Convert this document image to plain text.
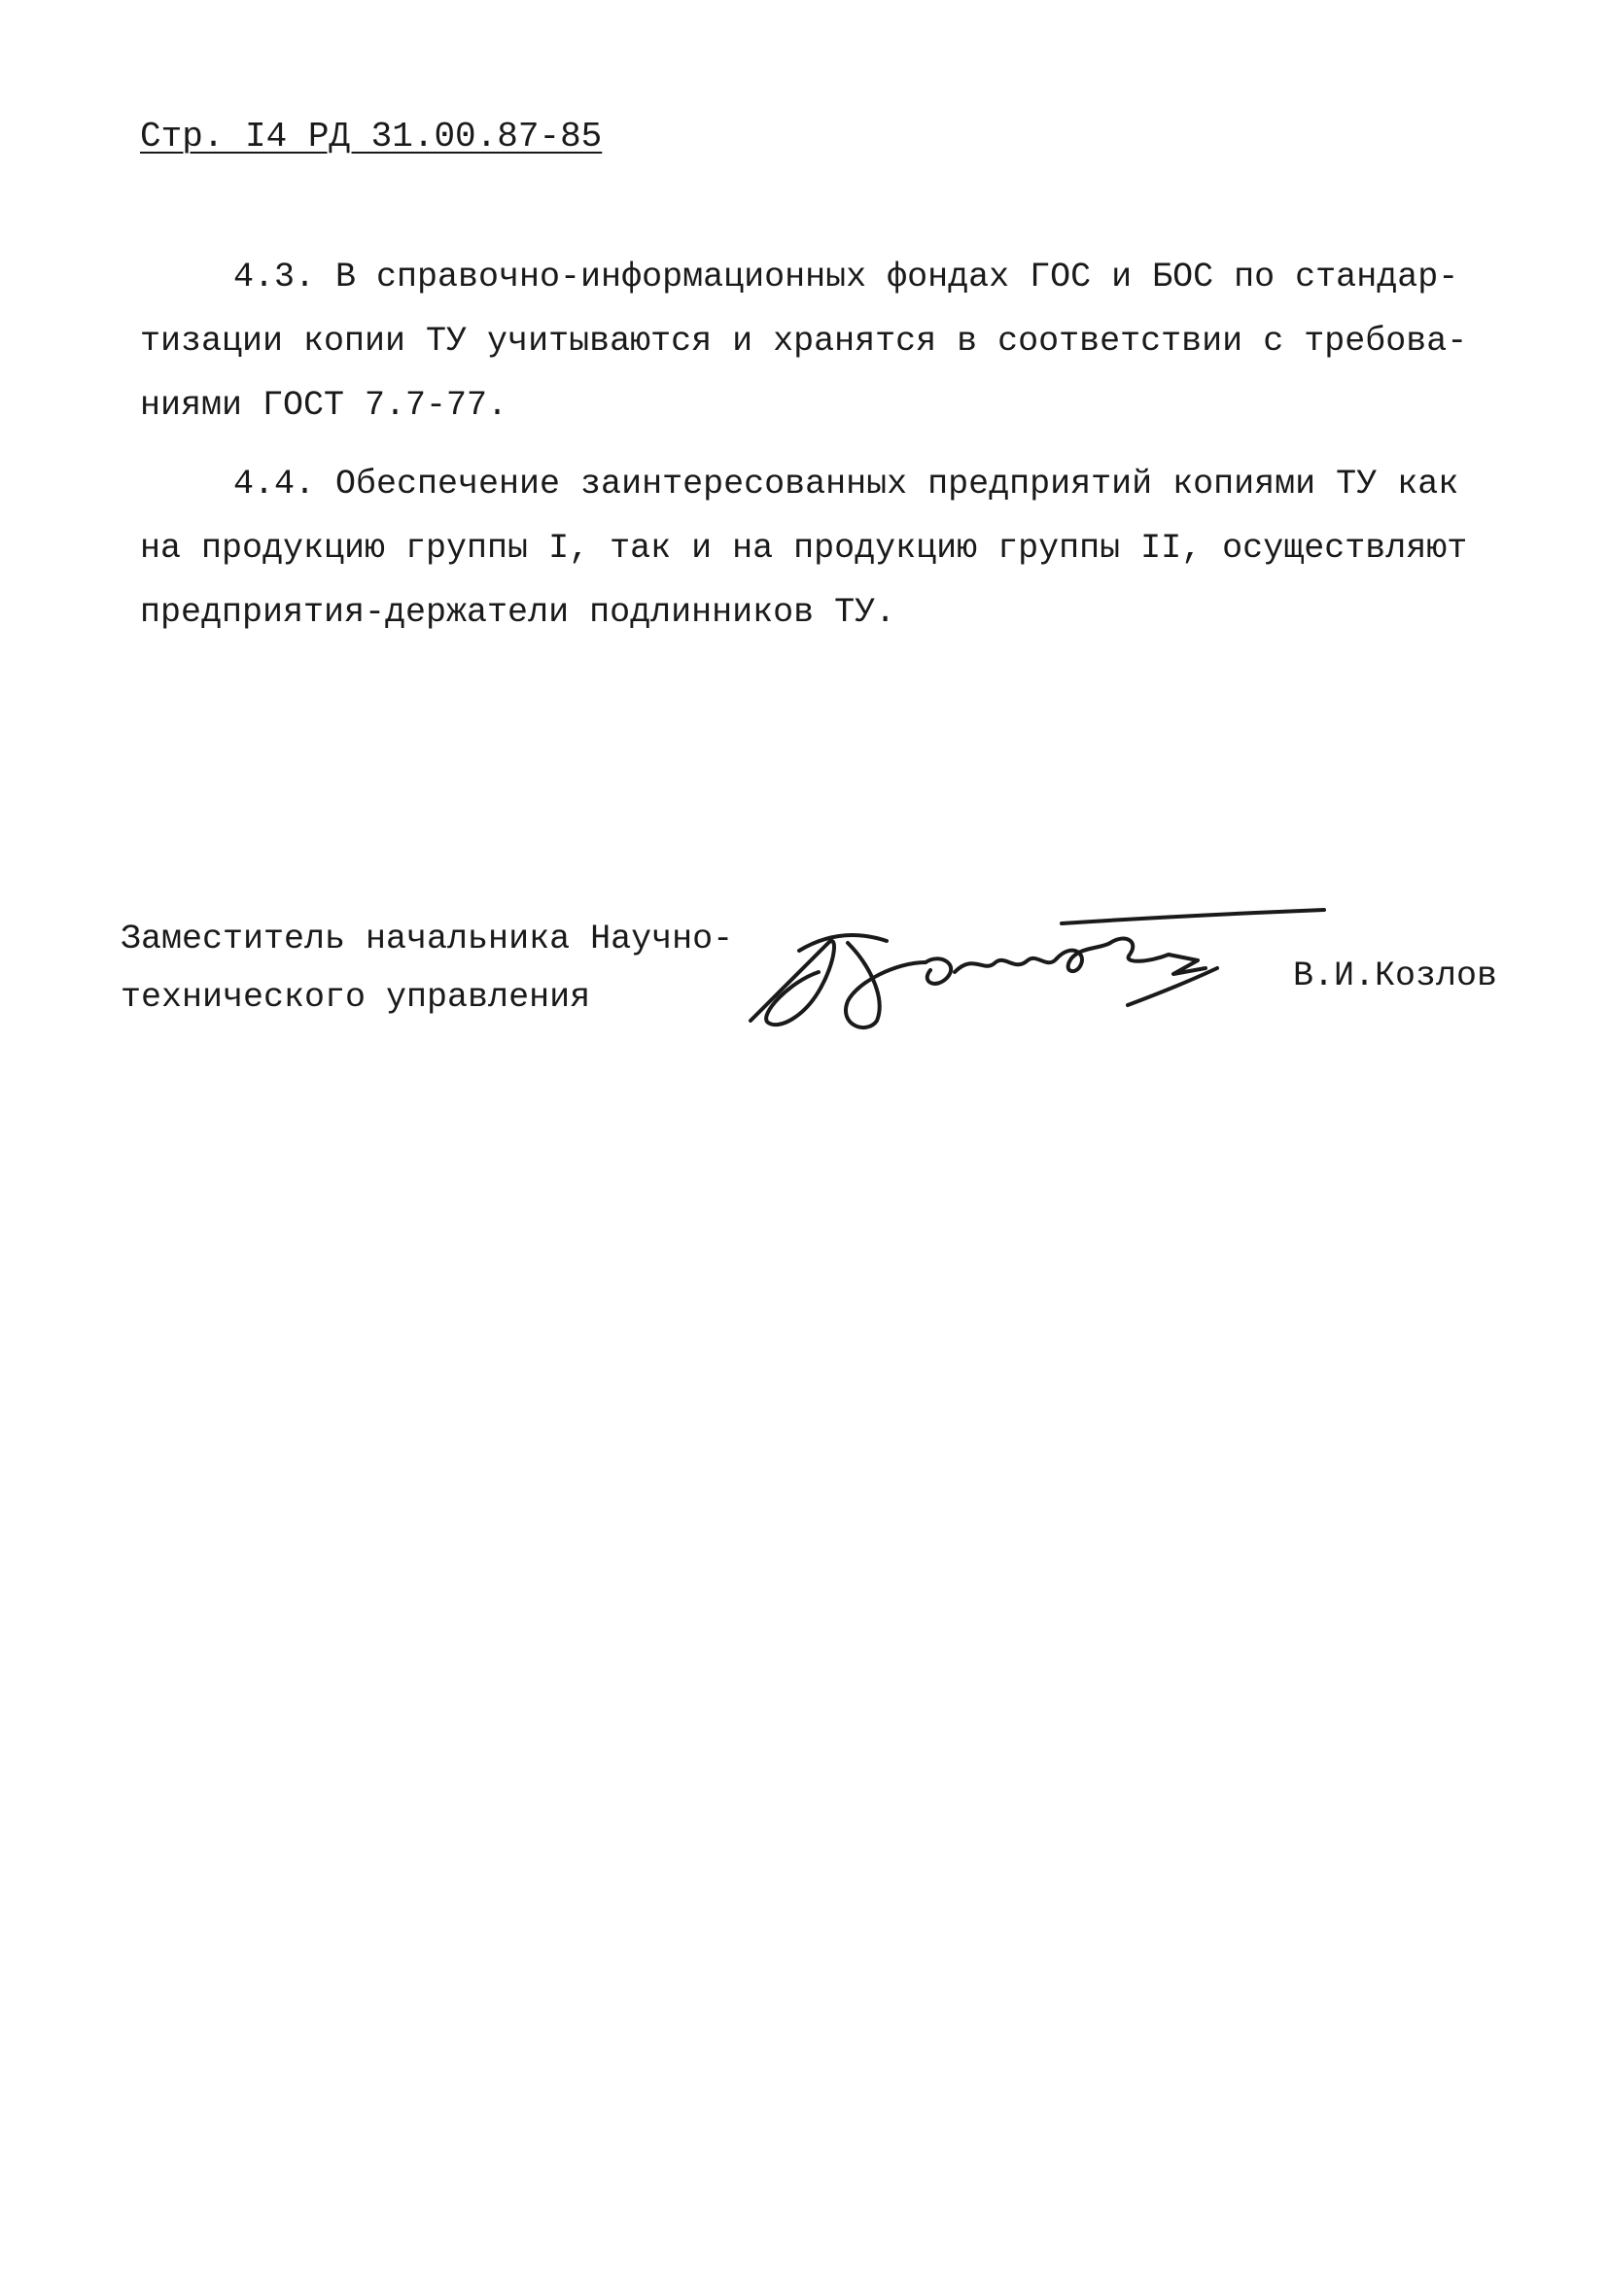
Стр. I4 РД 31.00.87-85
4.3. В справочно-информационных фондах ГОС и БОС по стандар-
тизации копии ТУ учитываются и хранятся в соответствии с требова-
ниями ГОСТ 7.7-77.
4.4. Обеспечение заинтересованных предприятий копиями ТУ как
на продукцию группы I, так и на продукцию группы II, осуществляют
предприятия-держатели подлинников ТУ.
Заместитель начальника Научно-
технического управления
В.И.Козлов
